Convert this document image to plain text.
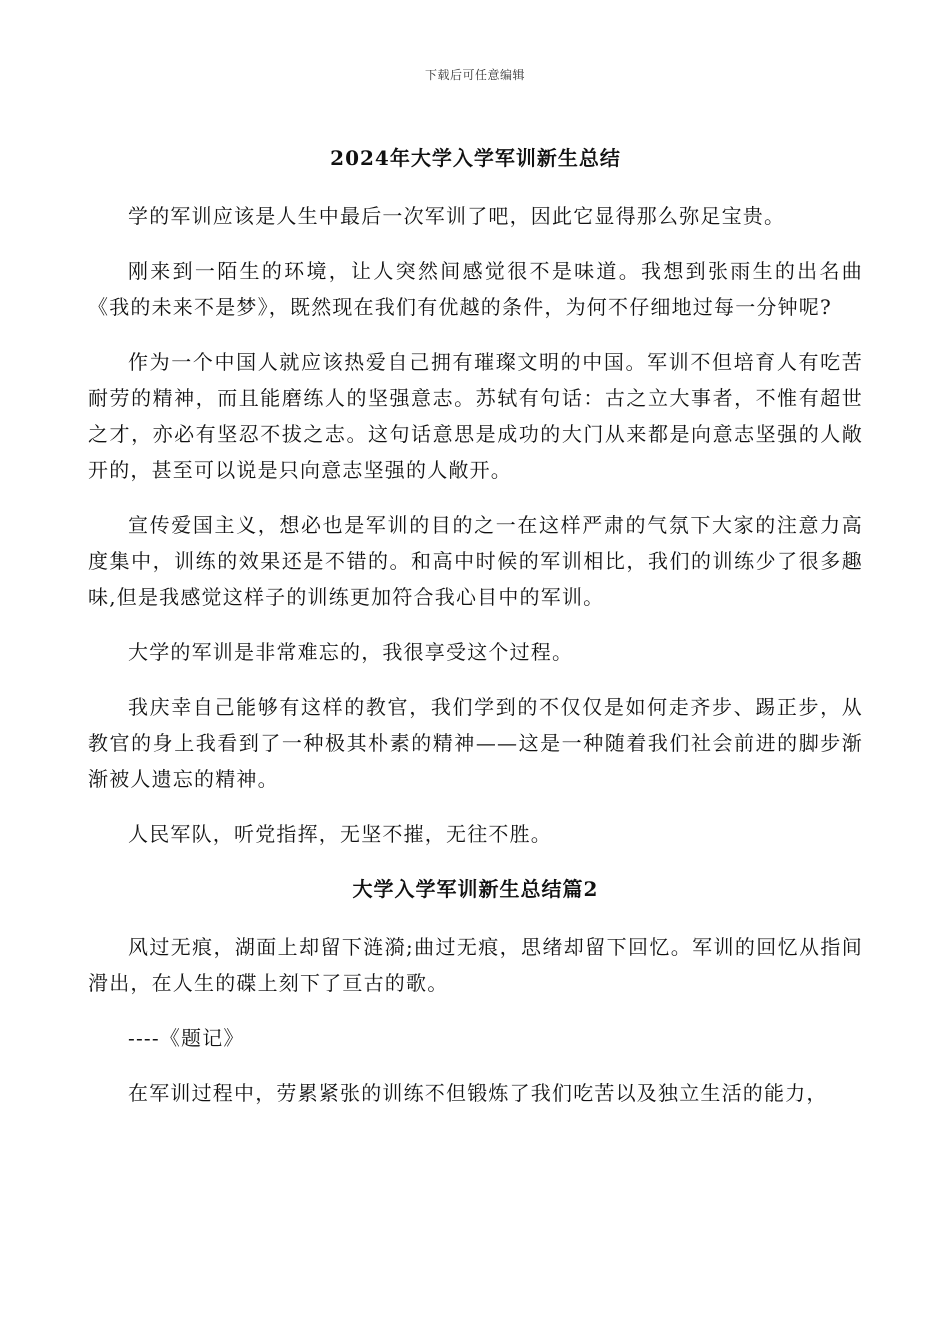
下载后可任意编辑
2024年大学入学军训新生总结

学的军训应该是人生中最后一次军训了吧，因此它显得那么弥足宝贵。

刚来到一陌生的环境，让人突然间感觉很不是味道。我想到张雨生的出名曲《我的未来不是梦》，既然现在我们有优越的条件，为何不仔细地过每一分钟呢?

作为一个中国人就应该热爱自己拥有璀璨文明的中国。军训不但培育人有吃苦耐劳的精神，而且能磨练人的坚强意志。苏轼有句话：古之立大事者，不惟有超世之才，亦必有坚忍不拔之志。这句话意思是成功的大门从来都是向意志坚强的人敞开的，甚至可以说是只向意志坚强的人敞开。

宣传爱国主义，想必也是军训的目的之一在这样严肃的气氛下大家的注意力高度集中，训练的效果还是不错的。和高中时候的军训相比，我们的训练少了很多趣味,但是我感觉这样子的训练更加符合我心目中的军训。

大学的军训是非常难忘的，我很享受这个过程。

我庆幸自己能够有这样的教官，我们学到的不仅仅是如何走齐步、踢正步，从教官的身上我看到了一种极其朴素的精神——这是一种随着我们社会前进的脚步渐渐被人遗忘的精神。

人民军队，听党指挥，无坚不摧，无往不胜。

大学入学军训新生总结篇2

风过无痕，湖面上却留下涟漪;曲过无痕，思绪却留下回忆。军训的回忆从指间滑出，在人生的碟上刻下了亘古的歌。

----《题记》

在军训过程中，劳累紧张的训练不但锻炼了我们吃苦以及独立生活的能力，
